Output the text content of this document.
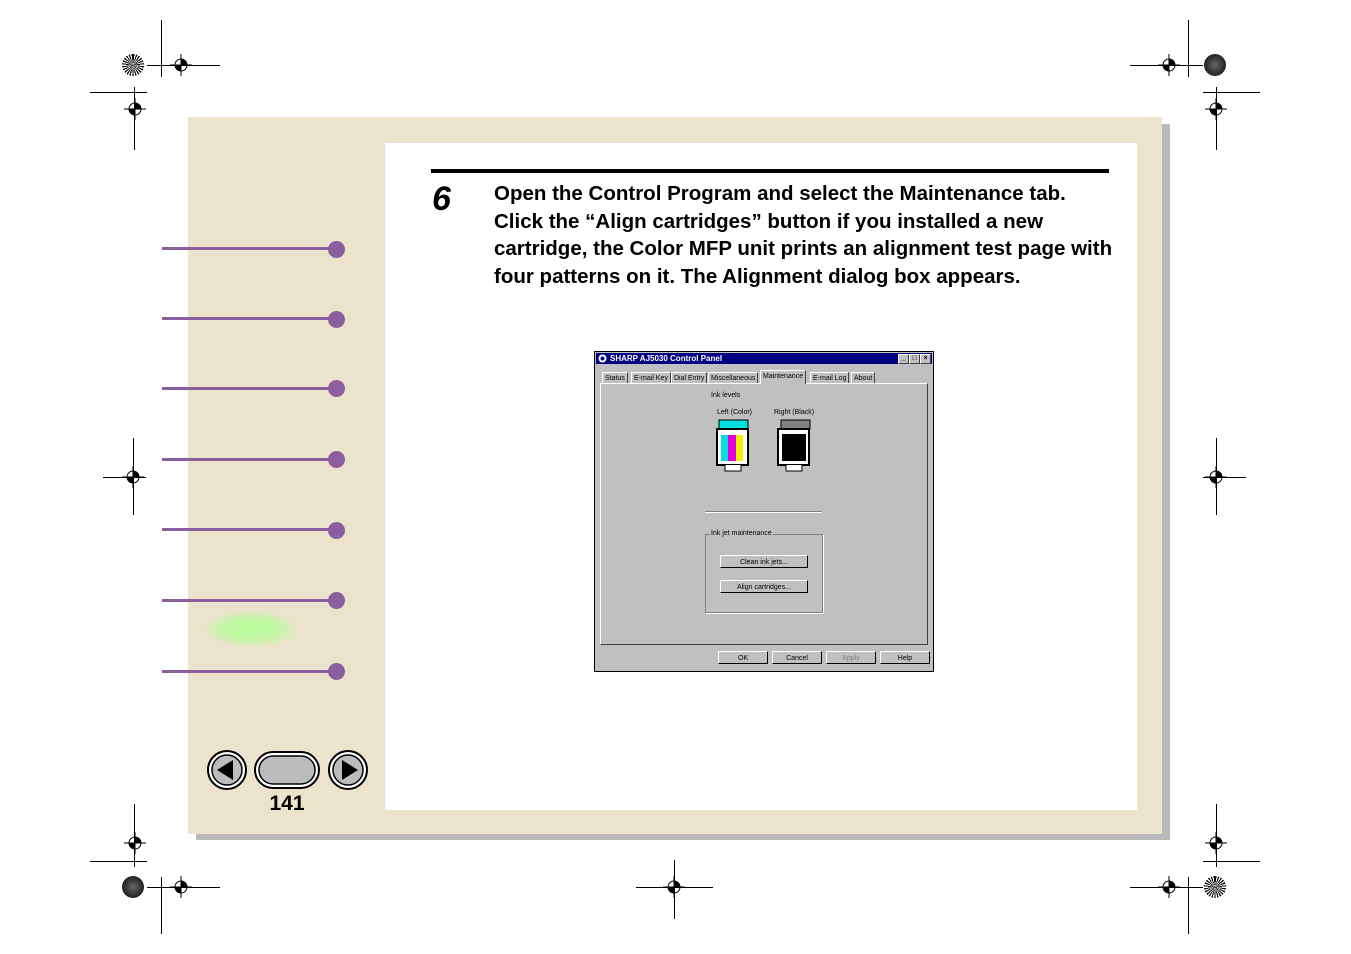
141
6 Open the Control Program and select the Maintenance tab. Click the “Align cartridges” button if you installed a new cartridge, the Color MFP unit prints an alignment test page with four patterns on it. The Alignment dialog box appears.
SHARP AJ5030 Control Panel	_ □ ×
Status	E-mail Key Dial Entry Miscellaneous	Maintenance	E-mail Log	About
Ink levels
Left (Color)	Right (Black)
Ink jet maintenance
Clean ink jets...
Align cartridges...
OK	Cancel	Apply	Help
